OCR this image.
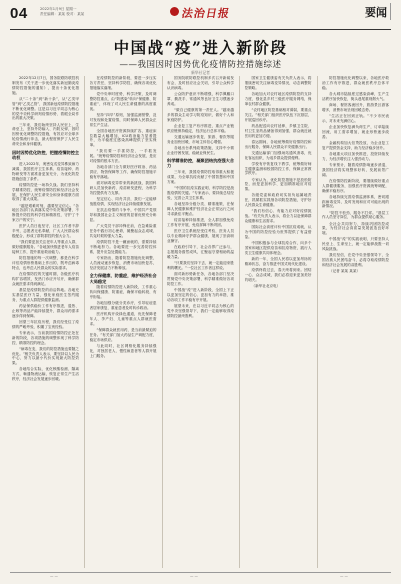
04	2022年1月9日 星期一
责任编辑：某某 校对：某某	法治日报	要闻
中国战“疫”进入新阶段
——我国因时因势优化疫情防控措施综述
新华社记者

2022年12月7日，国务院联防联控机制发布《关于进一步优化落实新冠肺炎疫情防控措施的通知》，提出十条优化措施。

从“二十条”到“新十条”，从“乙类甲管”到“乙类乙管”，我国新冠疫情防控措施不断优化调整。这是以习近平同志为核心的党中央科学研判疫情形势、着眼全局作出的重大决策。

三年来，我们始终坚持人民至上、生命至上，坚持外防输入、内防反弹，因时因势优化调整防控措施，有效应对全球多轮疫情流行冲击，最大程度保护了人民生命安全和身体健康。

因时因势优化防控，把握疫情防控主动权

进入2022年，奥密克戎变异株致病力减弱，我国医疗卫生体系、疫苗接种、药物研发等方面准备更加充分，为优化防控措施创造了条件。

疫情防控是一场持久战。我们坚持科学精准防控，统筹疫情防控和经济社会发展，在保护人民生命安全和身体健康方面取得了重大成果。

“越是艰难时刻，越要坚定信心。”各地区各部门认真落实党中央决策部署，不断提升防控的科学性和精准性，守护了千家万户的安宁。

医护人员日夜坚守，社区工作者不辞辛劳，志愿者无私奉献，广大人民群众积极配合，形成了群防群控的强大合力。

“我们要更加关注老年人等重点人群，做好健康服务。”各地加快推进老年人疫苗接种工作，提升重症救治能力。

防控措施的每一次调整，都是在科学评估疫情形势基础上作出的，既考虑病毒特点，也考虑人民群众的实际需求。

在疫情防控的关键时期，各级医疗机构扩容增效，发热门诊应开尽开，确保群众就医需求得到满足。

基层是疫情防控的前沿阵地。各地充实基层医疗力量，强化家庭医生签约服务，为重点人群提供健康监测。

药品保供稳价工作有序推进，退热、止咳等药品产能持续提升，群众用药需求逐步得到保障。

回望三年抗疫历程，我们经受住了疫情的严峻考验，积累了宝贵经验。

专家表示，当前我国疫情防控正处在新的阶段，各项措施的调整体现了科学防控、精准防控的理念。

“病毒在变，我们的防控措施也要随之优化。”相关负责人表示，要坚持以人民为中心，努力以最小代价实现最大防控效果。

各地结合实际，优化核酸检测、隔离方式，畅通物流运输，恢复正常生产生活秩序，经济社会发展逐步回暖。

在疫情防控的新阶段，要进一步压实各方责任，坚持科学防控，确保各项优化措施落实落细。

党中央审时度势，科学决策，及时调整防控重点，由“防感染”转向“保健康、防重症”，体现了对人民生命健康的高度重视。

坚持“四早”原则，加强监测预警，及时发现和处置疫情，同时保障人民群众正常生产生活。

全国各地医疗资源持续扩容，重症床位数量大幅增加，ICU救治能力显著提升，为平稳度过感染高峰提供了坚实保障。

“我们要一手抓防控，一手抓发展。”统筹疫情防控和经济社会发展，是应对疫情的根本方法。

各地各部门全力做好医疗救治、药品供应、物资保障等工作，确保防控措施平稳有序落地。

面对病毒变异带来的新挑战，我国科研人员加快新药、疫苗研发进程，为科学防控提供有力支撑。

坚定信心、同舟共济，我们一定能够战胜疫情，实现经济社会持续健康发展。

在抗击疫情的斗争中，中国共产党领导和我国社会主义制度的显著优势充分彰显。

广大党员干部冲锋在前，在急难险重任务中践行初心使命，凝聚起众志成城、共克时艰的强大力量。

疫情防控不是一蹴而就的，需要持续不断地努力。各地要进一步完善防控体系，提升应急处置能力。

专家指出，随着防控措施优化调整，人员流动逐步恢复，消费市场加快复苏，经济发展活力不断释放。

全力保健康、防重症，维护经济社会大局稳定

随着疫情防控进入新阶段，工作重心转向保健康、防重症，确保平稳转段、有序衔接。

各地加强分级分类诊疗，引导轻症患者居家康复，重症患者及时转诊救治。

医疗机构开设绿色通道，优先保障老年人、孕产妇、儿童等重点人群就医需求。

“保障群众就医用药，是当前最紧迫的任务。”有关部门加大药品生产调配力度，稳定市场供应。

与此同时，社区网格化服务持续强化，对独居老人、慢性病患者等人群开展上门服务。

国务院联防联控机制多次召开新闻发布会，及时回应社会关切，引导公众科学认识病毒。

公众防护意识不断增强，科学佩戴口罩、勤洗手、常通风等良好卫生习惯逐步养成。

“做自己健康的第一责任人。”越来越多的群众主动学习防疫知识，做好个人和家庭防护。

企业复工复产有序推进，重点产业链供应链保持稳定，经济运行总体平稳。

交通运输逐步恢复，旅游、餐饮等服务业加快回暖，市场主体信心增强。

各地出台系列政策措施，支持中小微企业纾困发展，稳就业保民生。

科学精准防控，凝聚团结抗疫强大合力

三年来，我国疫情防控取得重大积极成果，为全球抗疫贡献了中国智慧和中国方案。

“中国的抗疫实践证明，科学防控是战胜疫情的关键。”专家表示，要持续总结经验，完善公共卫生体系。

各地坚持分级分类、精准施策，在保障人民健康和维护经济社会正常运行之间寻求最佳平衡点。

疫苗接种持续推进，全人群加强免疫工作有序开展，免疫屏障不断巩固。

医疗卫生系统经受住考验，医务人员以专业精神守护群众健康，展现了崇高职业操守。

在政府引导下，社会各界广泛参与，志愿服务蔚然成风，汇聚起守望相助的温暖力量。

“只要我们坚持下去，就一定能迎来胜利的曙光。”一位社区工作者这样说。

面对新形势新任务，各地各部门坚决贯彻党中央决策部署，科学精准做好各项防控工作。

中国战“疫”进入新阶段，全国上下正以更加坚定的信心、更加有力的举措，推动各项工作平稳有序开展。

展望未来，在以习近平同志为核心的党中央坚强领导下，我们一定能够取得疫情防控最终胜利。

国家卫生健康委有关负责人表示，将继续密切关注病毒变异情况，动态调整防控策略。

各地加大对农村地区疫情防控的支持力度，强化县乡村三级医疗服务网络，保障农村群众健康。

“农村地区防控基础相对薄弱，要重点关注。”相关部门组织医疗队伍下沉基层，开展巡回诊疗。

药品配送向农村延伸，乡镇卫生院、村卫生室药品储备得到加强，群众就近就医用药更加方便。

春运期间，各地统筹做好疫情防控和出行服务，保障人民群众平安健康出行。

交通运输部门加强场站通风消毒，优化客运组织，为返乡群众提供便利。

学校有序恢复线下教学，统筹做好师生健康监测和校园防控工作，保障正常教学秩序。

专家认为，优化防控措施不是放松防控，而是更加科学、更加精准地应对疫情。

各级党委和政府切实担负起属地责任，抓紧抓实抓细各项防控措施，守护好人民群众生命健康。

“我们有信心、有能力应对好疫情挑战。”有关负责人表示，将全力以赴保障群众健康和生活需求。

国际社会高度评价中国抗疫成就，认为中国的防控经验为世界提供了有益借鉴。

中国积极参与全球抗疫合作，向多个国家和地区提供疫苗和抗疫物资，践行人类卫生健康共同体理念。

新的一年，全国人民将以更加昂扬的精神状态，奋力推进中国式现代化建设。

疫情终将过去，春天终将到来。团结一心、众志成城，我们必将迎来更加美好的明天。

（新华社北京电）

防控措施优化调整以来，各地医疗救治工作有序推进，群众就医秩序总体平稳。

各大城市陆续度过感染高峰，生产生活秩序加快恢复，街头巷尾重现烟火气。

商场、餐馆客流回升，旅游景区游客增多，消费市场呈现回暖态势。

“生活正在回到正轨。”不少市民表示，对未来充满信心。

企业加快恢复满负荷生产，订单陆续回流，用工需求增加，就业形势逐步改善。

金融机构加大信贷投放，为企业复工复产提供资金支持，助力经济稳步回升。

各地重大项目加快推进，投资持续发力，为经济增长注入强劲动力。

专家预计，随着疫情影响逐步消退，我国经济将实现整体好转，发展前景广阔。

在疫情防控新阶段，要继续做好重点人群健康服务，加强医疗资源统筹调配，确保平稳有序。

各地持续完善疫情监测体系，密切跟踪病毒变异，及时发现和应对可能出现的新情况。

“防控不松劲，服务不打烊。”基层工作人员坚守岗位，为群众提供贴心服务。

全社会共同努力，持续巩固防控成果，为经济社会高质量发展创造良好环境。

中国战“疫”的实践表明，只要坚持人民至上、生命至上，就一定能够战胜一切风险挑战。

我们坚信，在党中央坚强领导下，全国各族人民团结奋斗，必将夺取疫情防控和经济社会发展的双胜利。

（记者 某某 某某）

— —	— —	— —
